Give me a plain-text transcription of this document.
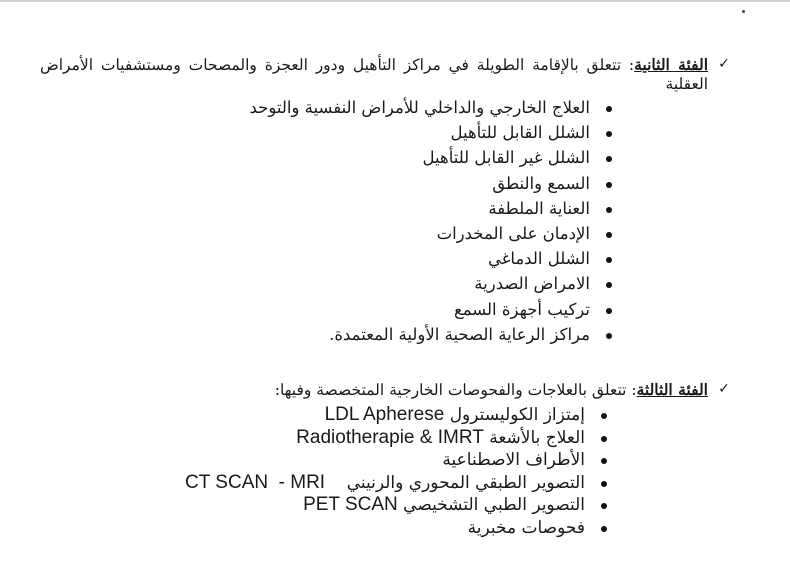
✓
الفئة الثانية: تتعلق بالإقامة الطويلة في مراكز التأهيل ودور العجزة والمصحات ومستشفيات الأمراض العقلية
العلاج الخارجي والداخلي للأمراض النفسية والتوحد
الشلل القابل للتأهيل
الشلل غير القابل للتأهيل
السمع والنطق
العناية الملطفة
الإدمان على المخدرات
الشلل الدماغي
الامراض الصدرية
تركيب أجهزة السمع
مراكز الرعاية الصحية الأولية المعتمدة.
✓
الفئة الثالثة: تتعلق بالعلاجات والفحوصات الخارجية المتخصصة وفيها:
إمتزاز الكوليسترول LDL Apherese
العلاج بالأشعة Radiotherapie & IMRT
الأطراف الاصطناعية
التصوير الطبقي المحوري والرنيني    CT SCAN  - MRI
التصوير الطبي التشخيصي PET SCAN
فحوصات مخبرية
